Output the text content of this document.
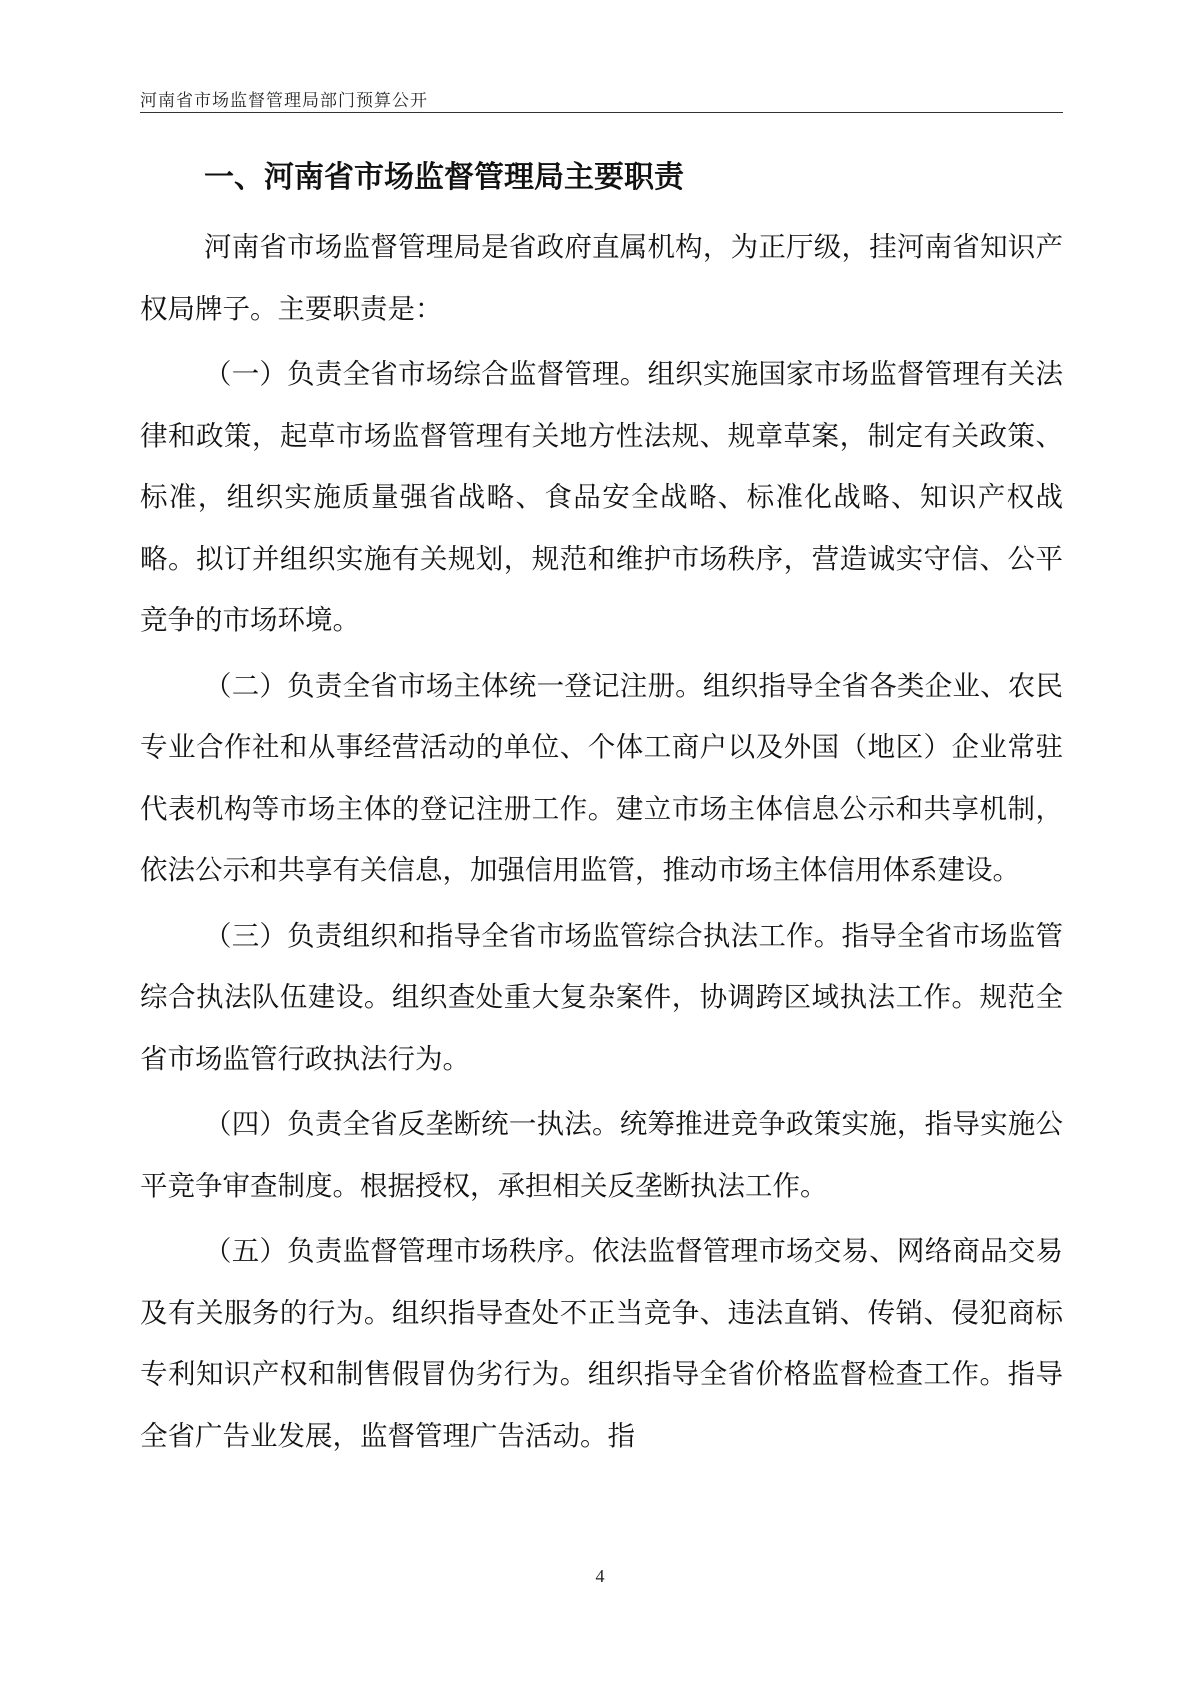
河南省市场监督管理局部门预算公开
一、河南省市场监督管理局主要职责

河南省市场监督管理局是省政府直属机构，为正厅级，挂河南省知识产权局牌子。主要职责是：

（一）负责全省市场综合监督管理。组织实施国家市场监督管理有关法律和政策，起草市场监督管理有关地方性法规、规章草案，制定有关政策、标准，组织实施质量强省战略、食品安全战略、标准化战略、知识产权战略。拟订并组织实施有关规划，规范和维护市场秩序，营造诚实守信、公平竞争的市场环境。

（二）负责全省市场主体统一登记注册。组织指导全省各类企业、农民专业合作社和从事经营活动的单位、个体工商户以及外国（地区）企业常驻代表机构等市场主体的登记注册工作。建立市场主体信息公示和共享机制，依法公示和共享有关信息，加强信用监管，推动市场主体信用体系建设。

（三）负责组织和指导全省市场监管综合执法工作。指导全省市场监管综合执法队伍建设。组织查处重大复杂案件，协调跨区域执法工作。规范全省市场监管行政执法行为。

（四）负责全省反垄断统一执法。统筹推进竞争政策实施，指导实施公平竞争审查制度。根据授权，承担相关反垄断执法工作。

（五）负责监督管理市场秩序。依法监督管理市场交易、网络商品交易及有关服务的行为。组织指导查处不正当竞争、违法直销、传销、侵犯商标专利知识产权和制售假冒伪劣行为。组织指导全省价格监督检查工作。指导全省广告业发展，监督管理广告活动。指

4
